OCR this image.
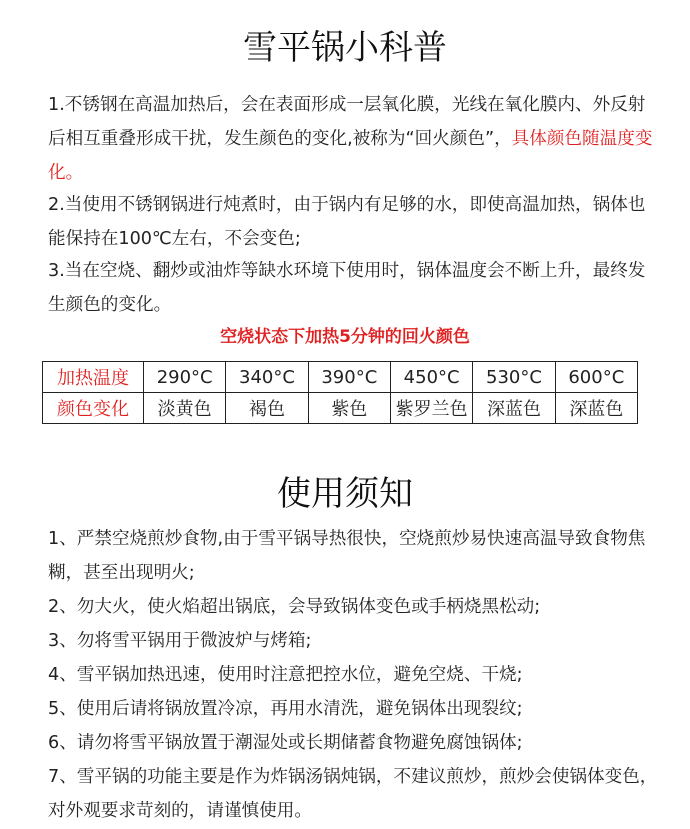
雪平锅小科普
1.不锈钢在高温加热后，会在表面形成一层氧化膜，光线在氧化膜内、外反射后相互重叠形成干扰，发生颜色的变化,被称为“回火颜色”，具体颜色随温度变化。
2.当使用不锈钢锅进行炖煮时，由于锅内有足够的水，即使高温加热，锅体也能保持在100℃左右，不会变色;
3.当在空烧、翻炒或油炸等缺水环境下使用时，锅体温度会不断上升，最终发生颜色的变化。
空烧状态下加热5分钟的回火颜色
加热温度	290°C	340°C	390°C	450°C	530°C	600°C
颜色变化	淡黄色	褐色	紫色	紫罗兰色	深蓝色	深蓝色
使用须知
1、严禁空烧煎炒食物,由于雪平锅导热很快，空烧煎炒易快速高温导致食物焦糊，甚至出现明火;
2、勿大火，使火焰超出锅底，会导致锅体变色或手柄烧黑松动;
3、勿将雪平锅用于微波炉与烤箱;
4、雪平锅加热迅速，使用时注意把控水位，避免空烧、干烧;
5、使用后请将锅放置冷凉，再用水清洗，避免锅体出现裂纹;
6、请勿将雪平锅放置于潮湿处或长期储蓄食物避免腐蚀锅体;
7、雪平锅的功能主要是作为炸锅汤锅炖锅，不建议煎炒，煎炒会使锅体变色，对外观要求苛刻的，请谨慎使用。
